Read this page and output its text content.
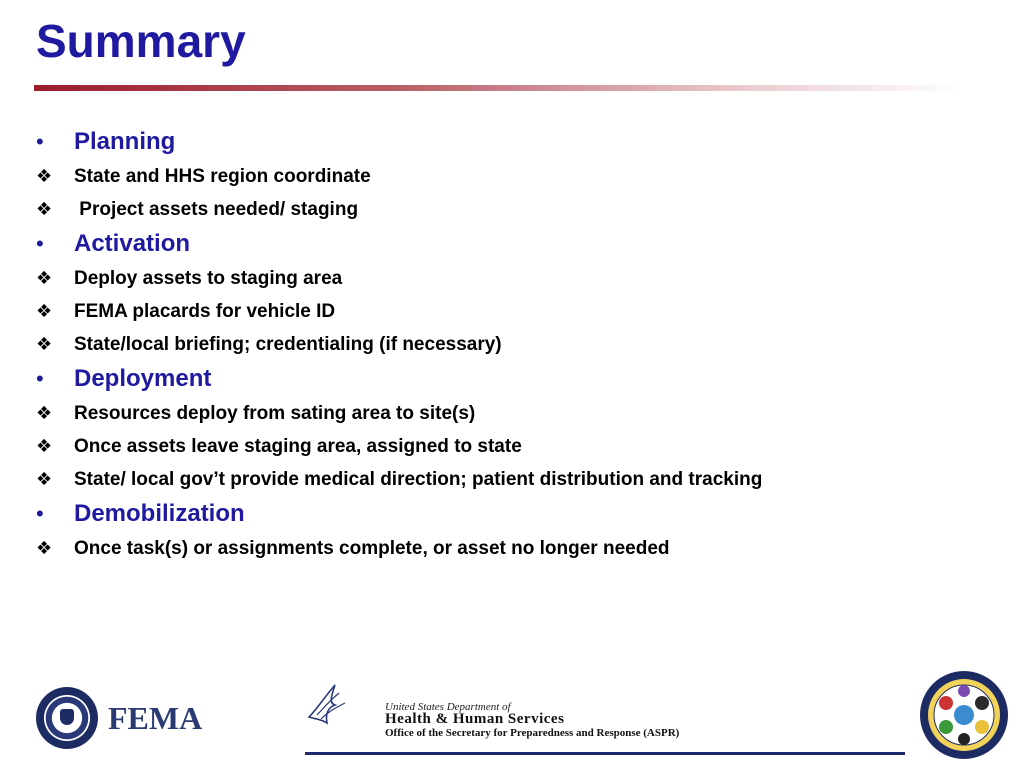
Summary
•	Planning
❖	State and HHS region coordinate
❖	Project assets needed/ staging
•	Activation
❖	Deploy assets to staging area
❖	FEMA placards for vehicle ID
❖	State/local briefing; credentialing (if necessary)
•	Deployment
❖	Resources deploy from sating area to site(s)
❖	Once assets leave staging area, assigned to state
❖	State/ local gov’t provide medical direction; patient distribution and tracking
•	Demobilization
❖	Once task(s) or assignments complete, or asset no longer needed
FEMA	United States Department of
Health & Human Services
Office of the Secretary for Preparedness and Response (ASPR)
